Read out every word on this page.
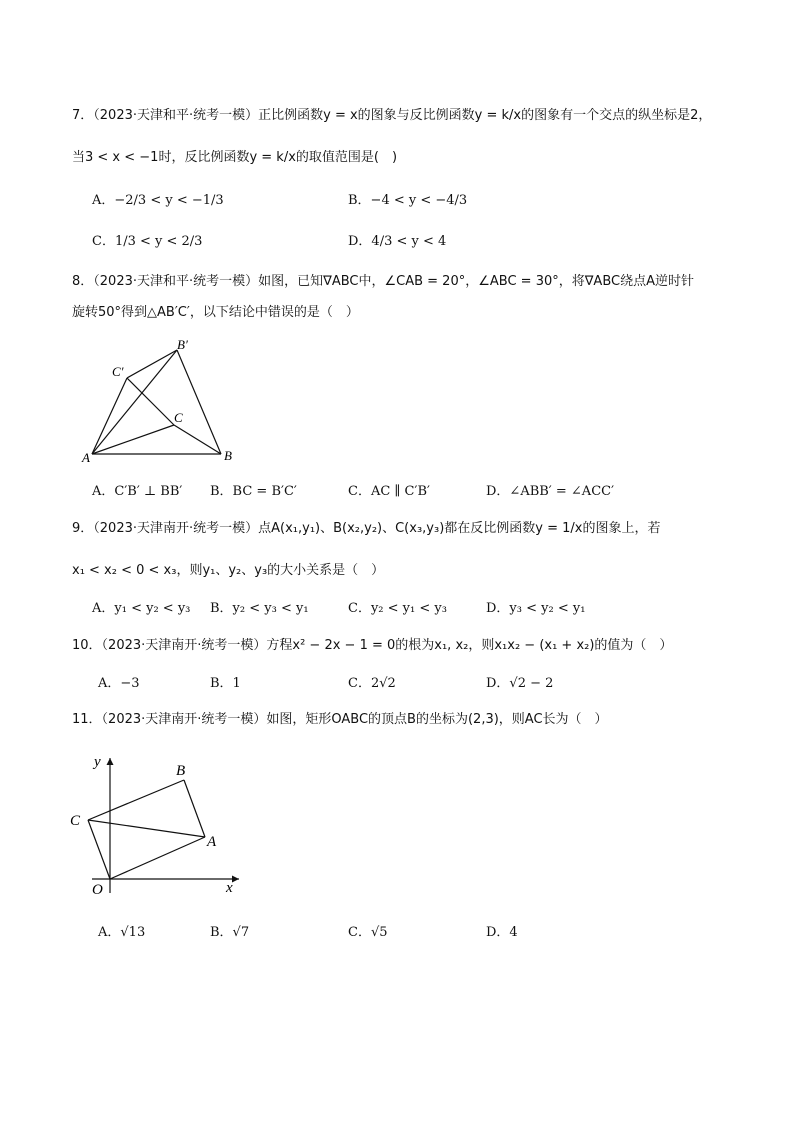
7．（2023·天津和平·统考一模）正比例函数y = x的图象与反比例函数y = k/x的图象有一个交点的纵坐标是2，
当3 < x < −1时，反比例函数y = k/x的取值范围是(　)
A．−2/3 < y < −1/3	B．−4 < y < −4/3
C．1/3 < y < 2/3	D．4/3 < y < 4
8．（2023·天津和平·统考一模）如图，已知∇ABC中，∠CAB = 20°，∠ABC = 30°，将∇ABC绕点A逆时针
旋转50°得到△AB′C′，以下结论中错误的是（　）
A	B
C
B′
C′
A．C′B′ ⊥ BB′ B．BC = B′C′	C．AC ∥ C′B′	D．∠ABB′ = ∠ACC′
9．（2023·天津南开·统考一模）点A(x₁,y₁)、B(x₂,y₂)、C(x₃,y₃)都在反比例函数y = 1/x的图象上，若
x₁ < x₂ < 0 < x₃，则y₁、y₂、y₃的大小关系是（　）
A．y₁ < y₂ < y₃ B．y₂ < y₃ < y₁	C．y₂ < y₁ < y₃	D．y₃ < y₂ < y₁
10．（2023·天津南开·统考一模）方程x² − 2x − 1 = 0的根为x₁, x₂，则x₁x₂ − (x₁ + x₂)的值为（　）
A．−3	B．1	C．2√2	D．√2 − 2
11．（2023·天津南开·统考一模）如图，矩形OABC的顶点B的坐标为(2,3)，则AC长为（　）
y
x
O
A
B
C
A．√13	B．√7	C．√5	D．4
